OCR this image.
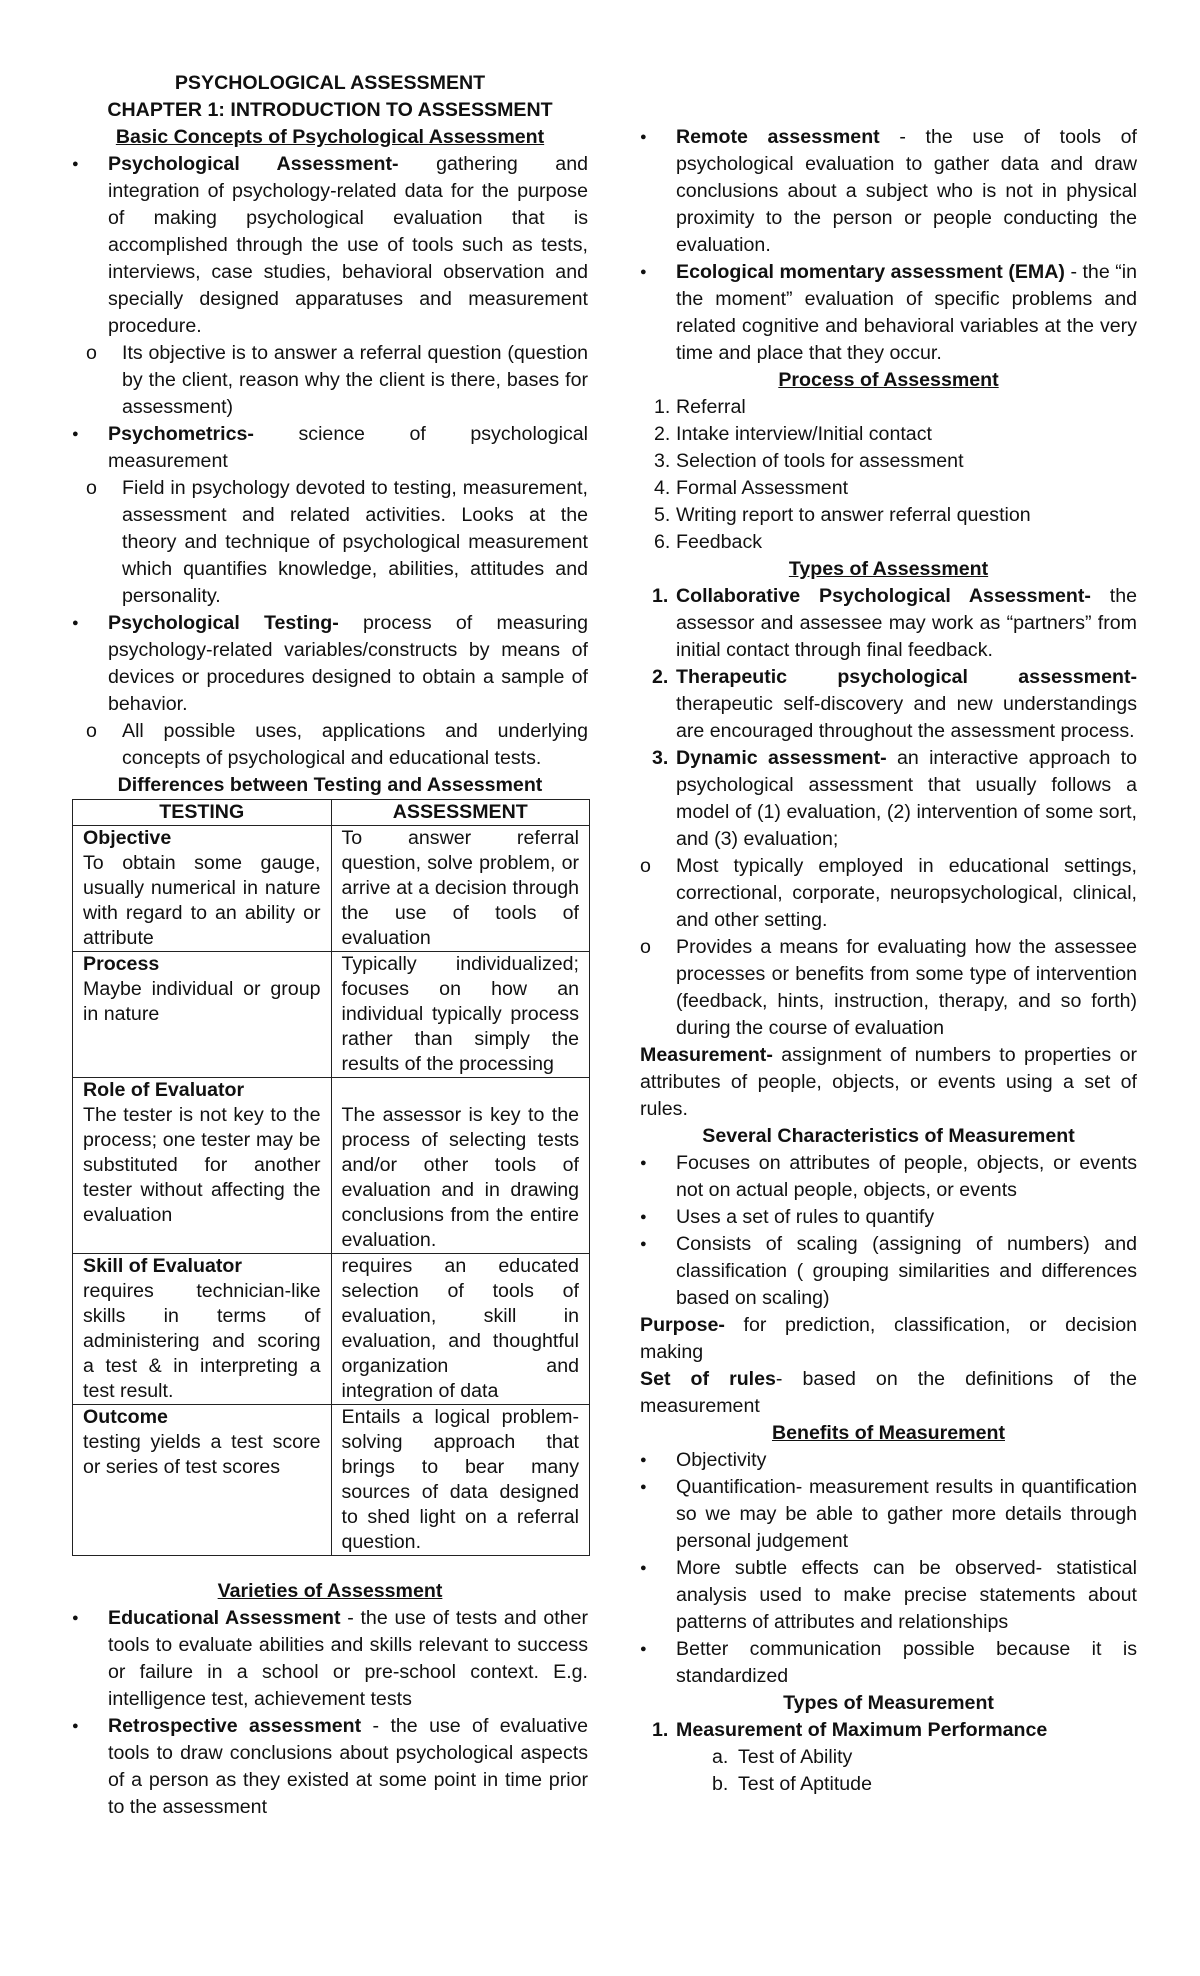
PSYCHOLOGICAL ASSESSMENT
CHAPTER 1: INTRODUCTION TO ASSESSMENT
Basic Concepts of Psychological Assessment
● Psychological Assessment- gathering and integration of psychology-related data for the purpose of making psychological evaluation that is accomplished through the use of tools such as tests, interviews, case studies, behavioral observation and specially designed apparatuses and measurement procedure.
o Its objective is to answer a referral question (question by the client, reason why the client is there, bases for assessment)
● Psychometrics- science of psychological measurement
o Field in psychology devoted to testing, measurement, assessment and related activities. Looks at the theory and technique of psychological measurement which quantifies knowledge, abilities, attitudes and personality.
● Psychological Testing- process of measuring psychology-related variables/constructs by means of devices or procedures designed to obtain a sample of behavior.
o All possible uses, applications and underlying concepts of psychological and educational tests.
Differences between Testing and Assessment
TESTING	ASSESSMENT
Objective
To obtain some gauge, usually numerical in nature with regard to an ability or attribute	To answer referral question, solve problem, or arrive at a decision through the use of tools of evaluation
Process
Maybe individual or group in nature	Typically individualized; focuses on how an individual typically process rather than simply the results of the processing
Role of Evaluator
The tester is not key to the process; one tester may be substituted for another tester without affecting the evaluation	The assessor is key to the process of selecting tests and/or other tools of evaluation and in drawing conclusions from the entire evaluation.
Skill of Evaluator
requires technician-like skills in terms of administering and scoring a test & in interpreting a test result.	requires an educated selection of tools of evaluation, skill in evaluation, and thoughtful organization and integration of data
Outcome
testing yields a test score or series of test scores	Entails a logical problem-solving approach that brings to bear many sources of data designed to shed light on a referral question.
Varieties of Assessment
● Educational Assessment - the use of tests and other tools to evaluate abilities and skills relevant to success or failure in a school or pre-school context. E.g. intelligence test, achievement tests
● Retrospective assessment - the use of evaluative tools to draw conclusions about psychological aspects of a person as they existed at some point in time prior to the assessment
● Remote assessment - the use of tools of psychological evaluation to gather data and draw conclusions about a subject who is not in physical proximity to the person or people conducting the evaluation.
● Ecological momentary assessment (EMA) - the “in the moment” evaluation of specific problems and related cognitive and behavioral variables at the very time and place that they occur.
Process of Assessment
1. Referral
2. Intake interview/Initial contact
3. Selection of tools for assessment
4. Formal Assessment
5. Writing report to answer referral question
6. Feedback
Types of Assessment
1. Collaborative Psychological Assessment- the assessor and assessee may work as “partners” from initial contact through final feedback.
2. Therapeutic psychological assessment- therapeutic self-discovery and new understandings are encouraged throughout the assessment process.
3. Dynamic assessment- an interactive approach to psychological assessment that usually follows a model of (1) evaluation, (2) intervention of some sort, and (3) evaluation;
o Most typically employed in educational settings, correctional, corporate, neuropsychological, clinical, and other setting.
o Provides a means for evaluating how the assessee processes or benefits from some type of intervention (feedback, hints, instruction, therapy, and so forth) during the course of evaluation
Measurement- assignment of numbers to properties or attributes of people, objects, or events using a set of rules.
Several Characteristics of Measurement
● Focuses on attributes of people, objects, or events not on actual people, objects, or events
● Uses a set of rules to quantify
● Consists of scaling (assigning of numbers) and classification ( grouping similarities and differences based on scaling)
Purpose- for prediction, classification, or decision making
Set of rules- based on the definitions of the measurement
Benefits of Measurement
● Objectivity
● Quantification- measurement results in quantification so we may be able to gather more details through personal judgement
● More subtle effects can be observed- statistical analysis used to make precise statements about patterns of attributes and relationships
● Better communication possible because it is standardized
Types of Measurement
1. Measurement of Maximum Performance
a. Test of Ability
b. Test of Aptitude
